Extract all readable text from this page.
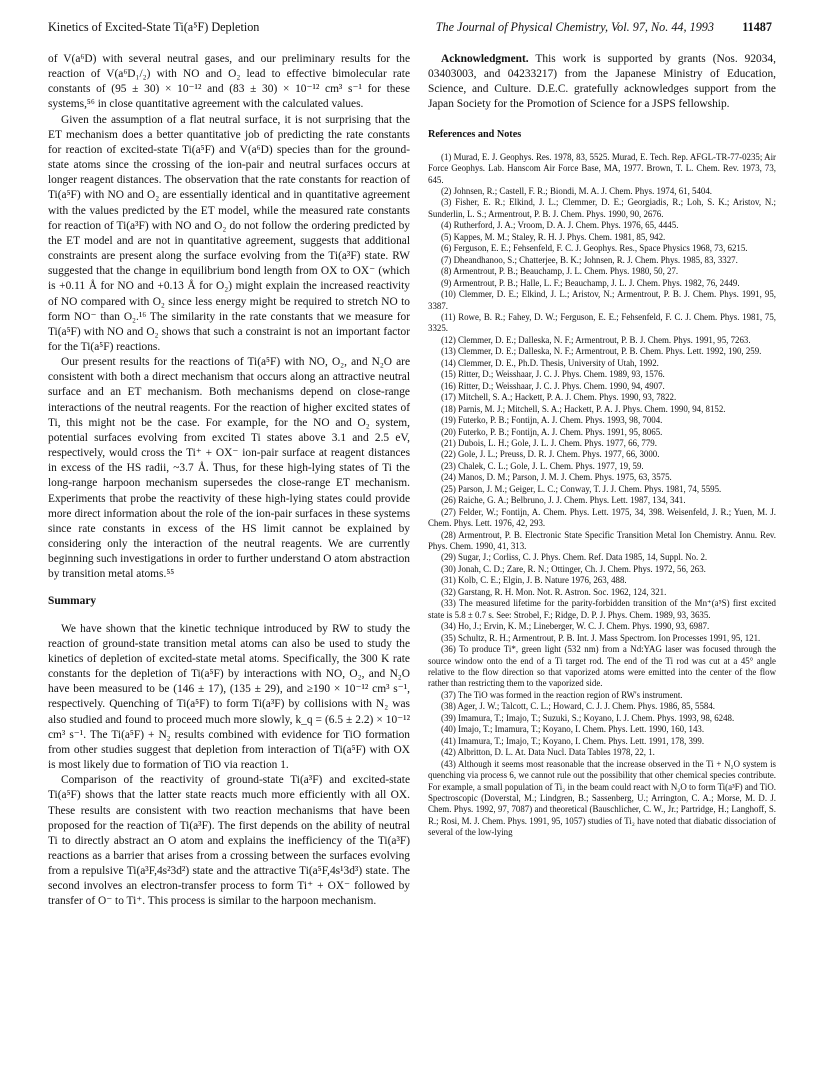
Kinetics of Excited-State Ti(a⁵F) Depletion	The Journal of Physical Chemistry, Vol. 97, No. 44, 1993 11487

of V(a⁶D) with several neutral gases, and our preliminary results for the reaction of V(a⁶D₁/₂) with NO and O₂ lead to effective bimolecular rate constants of (95 ± 30) × 10⁻¹² and (83 ± 30) × 10⁻¹² cm³ s⁻¹ for these systems,⁵⁶ in close quantitative agreement with the calculated values.

Given the assumption of a flat neutral surface, it is not surprising that the ET mechanism does a better quantitative job of predicting the rate constants for reaction of excited-state Ti(a⁵F) and V(a⁶D) species than for the ground-state atoms since the crossing of the ion-pair and neutral surfaces occurs at longer reagent distances. The observation that the rate constants for reaction of Ti(a⁵F) with NO and O₂ are essentially identical and in quantitative agreement with the values predicted by the ET model, while the measured rate constants for reaction of Ti(a³F) with NO and O₂ do not follow the ordering predicted by the ET model and are not in quantitative agreement, suggests that additional constraints are present along the surface evolving from the Ti(a³F) state. RW suggested that the change in equilibrium bond length from OX to OX⁻ (which is +0.11 Å for NO and +0.13 Å for O₂) might explain the increased reactivity of NO compared with O₂ since less energy might be required to stretch NO to form NO⁻ than O₂.¹⁶ The similarity in the rate constants that we measure for Ti(a⁵F) with NO and O₂ shows that such a constraint is not an important factor for the Ti(a⁵F) reactions.

Our present results for the reactions of Ti(a⁵F) with NO, O₂, and N₂O are consistent with both a direct mechanism that occurs along an attractive neutral surface and an ET mechanism. Both mechanisms depend on close-range interactions of the neutral reagents. For the reaction of higher excited states of Ti, this might not be the case. For example, for the NO and O₂ system, potential surfaces evolving from excited Ti states above 3.1 and 2.5 eV, respectively, would cross the Ti⁺ + OX⁻ ion-pair surface at reagent distances in excess of the HS radii, ~3.7 Å. Thus, for these high-lying states of Ti the long-range harpoon mechanism supersedes the close-range ET mechanism. Experiments that probe the reactivity of these high-lying states could provide more direct information about the role of the ion-pair surfaces in these systems since rate constants in excess of the HS limit cannot be explained by considering only the interaction of the neutral reagents. We are currently beginning such investigations in order to further understand O atom abstraction by transition metal atoms.⁵⁵

Summary

We have shown that the kinetic technique introduced by RW to study the reaction of ground-state transition metal atoms can also be used to study the kinetics of depletion of excited-state metal atoms. Specifically, the 300 K rate constants for the depletion of Ti(a⁵F) by interactions with NO, O₂, and N₂O have been measured to be (146 ± 17), (135 ± 29), and ≥190 × 10⁻¹² cm³ s⁻¹, respectively. Quenching of Ti(a⁵F) to form Ti(a³F) by collisions with N₂ was also studied and found to proceed much more slowly, k_q = (6.5 ± 2.2) × 10⁻¹² cm³ s⁻¹. The Ti(a⁵F) + N₂ results combined with evidence for TiO formation from other studies suggest that depletion from interaction of Ti(a⁵F) with OX is most likely due to formation of TiO via reaction 1.

Comparison of the reactivity of ground-state Ti(a³F) and excited-state Ti(a⁵F) shows that the latter state reacts much more efficiently with all OX. These results are consistent with two reaction mechanisms that have been proposed for the reaction of Ti(a³F). The first depends on the ability of neutral Ti to directly abstract an O atom and explains the inefficiency of the Ti(a³F) reactions as a barrier that arises from a crossing between the surfaces evolving from a repulsive Ti(a³F,4s²3d²) state and the attractive Ti(a⁵F,4s¹3d³) state. The second involves an electron-transfer process to form Ti⁺ + OX⁻ followed by transfer of O⁻ to Ti⁺. This process is similar to the harpoon mechanism.

Acknowledgment. This work is supported by grants (Nos. 92034, 03403003, and 04233217) from the Japanese Ministry of Education, Science, and Culture. D.E.C. gratefully acknowledges support from the Japan Society for the Promotion of Science for a JSPS fellowship.

References and Notes

(1) Murad, E. J. Geophys. Res. 1978, 83, 5525. Murad, E. Tech. Rep. AFGL-TR-77-0235; Air Force Geophys. Lab. Hanscom Air Force Base, MA, 1977. Brown, T. L. Chem. Rev. 1973, 73, 645.

(2) Johnsen, R.; Castell, F. R.; Biondi, M. A. J. Chem. Phys. 1974, 61, 5404.

(3) Fisher, E. R.; Elkind, J. L.; Clemmer, D. E.; Georgiadis, R.; Loh, S. K.; Aristov, N.; Sunderlin, L. S.; Armentrout, P. B. J. Chem. Phys. 1990, 90, 2676.

(4) Rutherford, J. A.; Vroom, D. A. J. Chem. Phys. 1976, 65, 4445.

(5) Kappes, M. M.; Staley, R. H. J. Phys. Chem. 1981, 85, 942.

(6) Ferguson, E. E.; Fehsenfeld, F. C. J. Geophys. Res., Space Physics 1968, 73, 6215.

(7) Dheandhanoo, S.; Chatterjee, B. K.; Johnsen, R. J. Chem. Phys. 1985, 83, 3327.

(8) Armentrout, P. B.; Beauchamp, J. L. Chem. Phys. 1980, 50, 27.

(9) Armentrout, P. B.; Halle, L. F.; Beauchamp, J. L. J. Chem. Phys. 1982, 76, 2449.

(10) Clemmer, D. E.; Elkind, J. L.; Aristov, N.; Armentrout, P. B. J. Chem. Phys. 1991, 95, 3387.

(11) Rowe, B. R.; Fahey, D. W.; Ferguson, E. E.; Fehsenfeld, F. C. J. Chem. Phys. 1981, 75, 3325.

(12) Clemmer, D. E.; Dalleska, N. F.; Armentrout, P. B. J. Chem. Phys. 1991, 95, 7263.

(13) Clemmer, D. E.; Dalleska, N. F.; Armentrout, P. B. Chem. Phys. Lett. 1992, 190, 259.

(14) Clemmer, D. E., Ph.D. Thesis, University of Utah, 1992.

(15) Ritter, D.; Weisshaar, J. C. J. Phys. Chem. 1989, 93, 1576.

(16) Ritter, D.; Weisshaar, J. C. J. Phys. Chem. 1990, 94, 4907.

(17) Mitchell, S. A.; Hackett, P. A. J. Chem. Phys. 1990, 93, 7822.

(18) Parnis, M. J.; Mitchell, S. A.; Hackett, P. A. J. Phys. Chem. 1990, 94, 8152.

(19) Futerko, P. B.; Fontijn, A. J. Chem. Phys. 1993, 98, 7004.

(20) Futerko, P. B.; Fontijn, A. J. Chem. Phys. 1991, 95, 8065.

(21) Dubois, L. H.; Gole, J. L. J. Chem. Phys. 1977, 66, 779.

(22) Gole, J. L.; Preuss, D. R. J. Chem. Phys. 1977, 66, 3000.

(23) Chalek, C. L.; Gole, J. L. Chem. Phys. 1977, 19, 59.

(24) Manos, D. M.; Parson, J. M. J. Chem. Phys. 1975, 63, 3575.

(25) Parson, J. M.; Geiger, L. C.; Conway, T. J. J. Chem. Phys. 1981, 74, 5595.

(26) Raiche, G. A.; Belbruno, J. J. Chem. Phys. Lett. 1987, 134, 341.

(27) Felder, W.; Fontijn, A. Chem. Phys. Lett. 1975, 34, 398. Weisenfeld, J. R.; Yuen, M. J. Chem. Phys. Lett. 1976, 42, 293.

(28) Armentrout, P. B. Electronic State Specific Transition Metal Ion Chemistry. Annu. Rev. Phys. Chem. 1990, 41, 313.

(29) Sugar, J.; Corliss, C. J. Phys. Chem. Ref. Data 1985, 14, Suppl. No. 2.

(30) Jonah, C. D.; Zare, R. N.; Ottinger, Ch. J. Chem. Phys. 1972, 56, 263.

(31) Kolb, C. E.; Elgin, J. B. Nature 1976, 263, 488.

(32) Garstang, R. H. Mon. Not. R. Astron. Soc. 1962, 124, 321.

(33) The measured lifetime for the parity-forbidden transition of the Mn⁺(a⁵S) first excited state is 5.8 ± 0.7 s. See: Strobel, F.; Ridge, D. P. J. Phys. Chem. 1989, 93, 3635.

(34) Ho, J.; Ervin, K. M.; Lineberger, W. C. J. Chem. Phys. 1990, 93, 6987.

(35) Schultz, R. H.; Armentrout, P. B. Int. J. Mass Spectrom. Ion Processes 1991, 95, 121.

(36) To produce Ti*, green light (532 nm) from a Nd:YAG laser was focused through the source window onto the end of a Ti target rod. The end of the Ti rod was cut at a 45° angle relative to the flow direction so that vaporized atoms were emitted into the center of the flow rather than restricting them to the vaporized side.

(37) The TiO was formed in the reaction region of RW's instrument.

(38) Ager, J. W.; Talcott, C. L.; Howard, C. J. J. Chem. Phys. 1986, 85, 5584.

(39) Imamura, T.; Imajo, T.; Suzuki, S.; Koyano, I. J. Chem. Phys. 1993, 98, 6248.

(40) Imajo, T.; Imamura, T.; Koyano, I. Chem. Phys. Lett. 1990, 160, 143.

(41) Imamura, T.; Imajo, T.; Koyano, I. Chem. Phys. Lett. 1991, 178, 399.

(42) Albritton, D. L. At. Data Nucl. Data Tables 1978, 22, 1.

(43) Although it seems most reasonable that the increase observed in the Ti + N₂O system is quenching via process 6, we cannot rule out the possibility that other chemical species contribute. For example, a small population of Ti₂ in the beam could react with N₂O to form Ti(a³F) and TiO. Spectroscopic (Doverstal, M.; Lindgren, B.; Sassenberg, U.; Arrington, C. A.; Morse, M. D. J. Chem. Phys. 1992, 97, 7087) and theoretical (Bauschlicher, C. W., Jr.; Partridge, H.; Langhoff, S. R.; Rosi, M. J. Chem. Phys. 1991, 95, 1057) studies of Ti₂ have noted that diabatic dissociation of several of the low-lying
